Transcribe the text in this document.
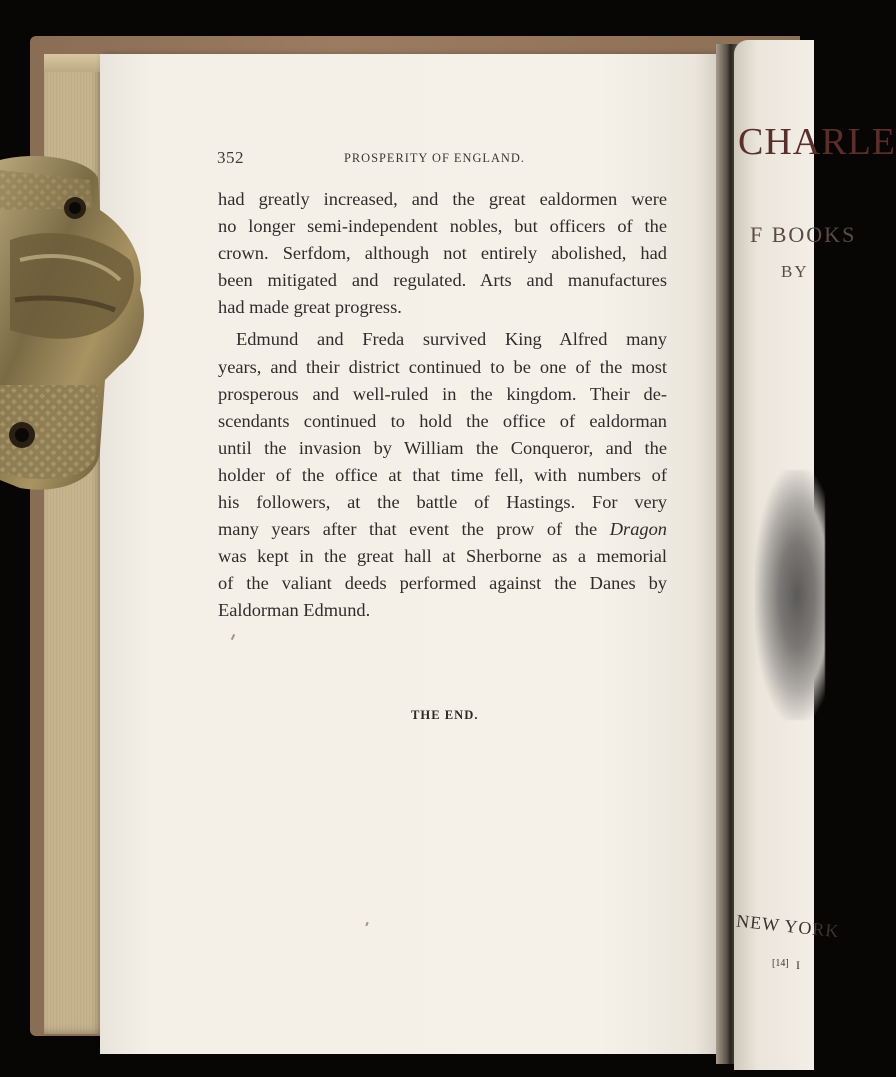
CHARLE
F BOOKS
BY
NEW YORK
[14] I
352	PROSPERITY OF ENGLAND.
had greatly increased, and the great ealdormen were
no longer semi-independent nobles, but officers of the
crown. Serfdom, although not entirely abolished, had
been mitigated and regulated. Arts and manufactures
had made great progress.
Edmund and Freda survived King Alfred many
years, and their district continued to be one of the most
prosperous and well-ruled in the kingdom. Their de-
scendants continued to hold the office of ealdorman
until the invasion by William the Conqueror, and the
holder of the office at that time fell, with numbers of
his followers, at the battle of Hastings. For very
many years after that event the prow of the Dragon
was kept in the great hall at Sherborne as a memorial
of the valiant deeds performed against the Danes by
Ealdorman Edmund.
THE END.
